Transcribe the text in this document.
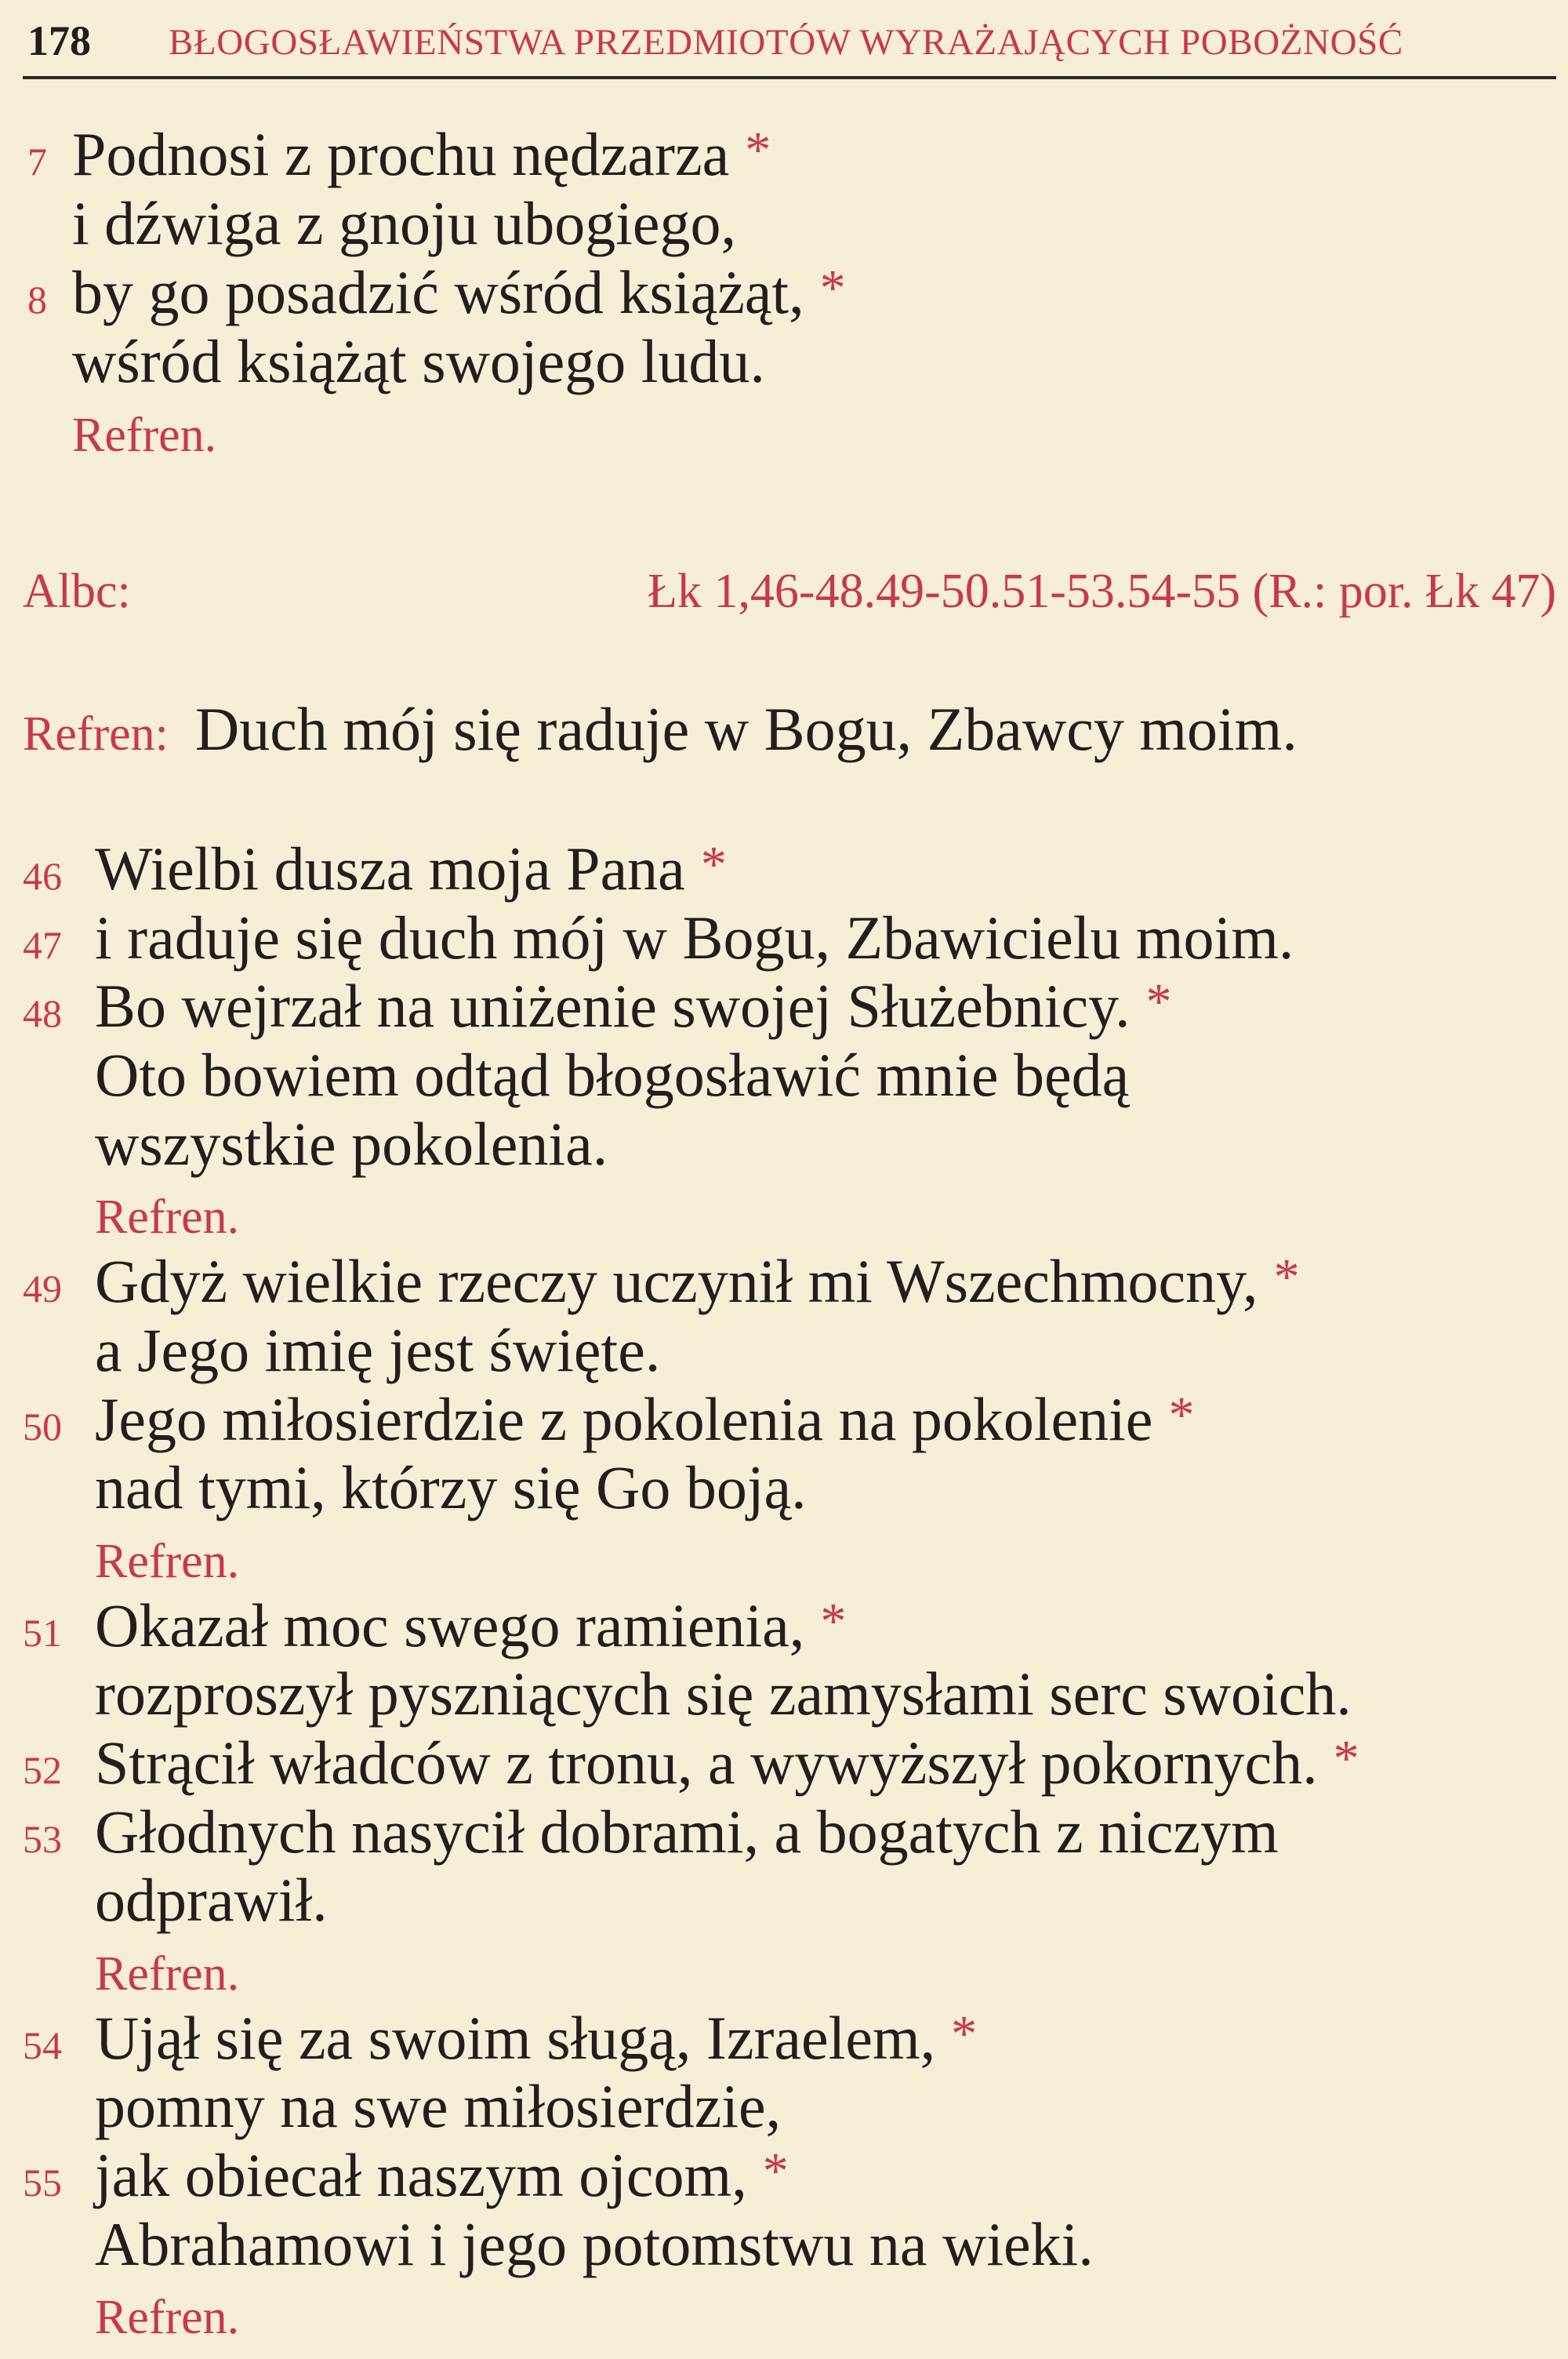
178 BŁOGOSŁAWIEŃSTWA PRZEDMIOTÓW WYRAŻAJĄCYCH POBOŻNOŚĆ
7 Podnosi z prochu nędzarza *
i dźwiga z gnoju ubogiego,
8 by go posadzić wśród książąt, *
wśród książąt swojego ludu.
Refren.
Albc:	Łk 1,46-48.49-50.51-53.54-55 (R.: por. Łk 47)
Refren: Duch mój się raduje w Bogu, Zbawcy moim.
46 Wielbi dusza moja Pana *
47 i raduje się duch mój w Bogu, Zbawicielu moim.
48 Bo wejrzał na uniżenie swojej Służebnicy. *
Oto bowiem odtąd błogosławić mnie będą
wszystkie pokolenia.
Refren.
49 Gdyż wielkie rzeczy uczynił mi Wszechmocny, *
a Jego imię jest święte.
50 Jego miłosierdzie z pokolenia na pokolenie *
nad tymi, którzy się Go boją.
Refren.
51 Okazał moc swego ramienia, *
rozproszył pyszniących się zamysłami serc swoich.
52 Strącił władców z tronu, a wywyższył pokornych. *
53 Głodnych nasycił dobrami, a bogatych z niczym
odprawił.
Refren.
54 Ujął się za swoim sługą, Izraelem, *
pomny na swe miłosierdzie,
55 jak obiecał naszym ojcom, *
Abrahamowi i jego potomstwu na wieki.
Refren.
